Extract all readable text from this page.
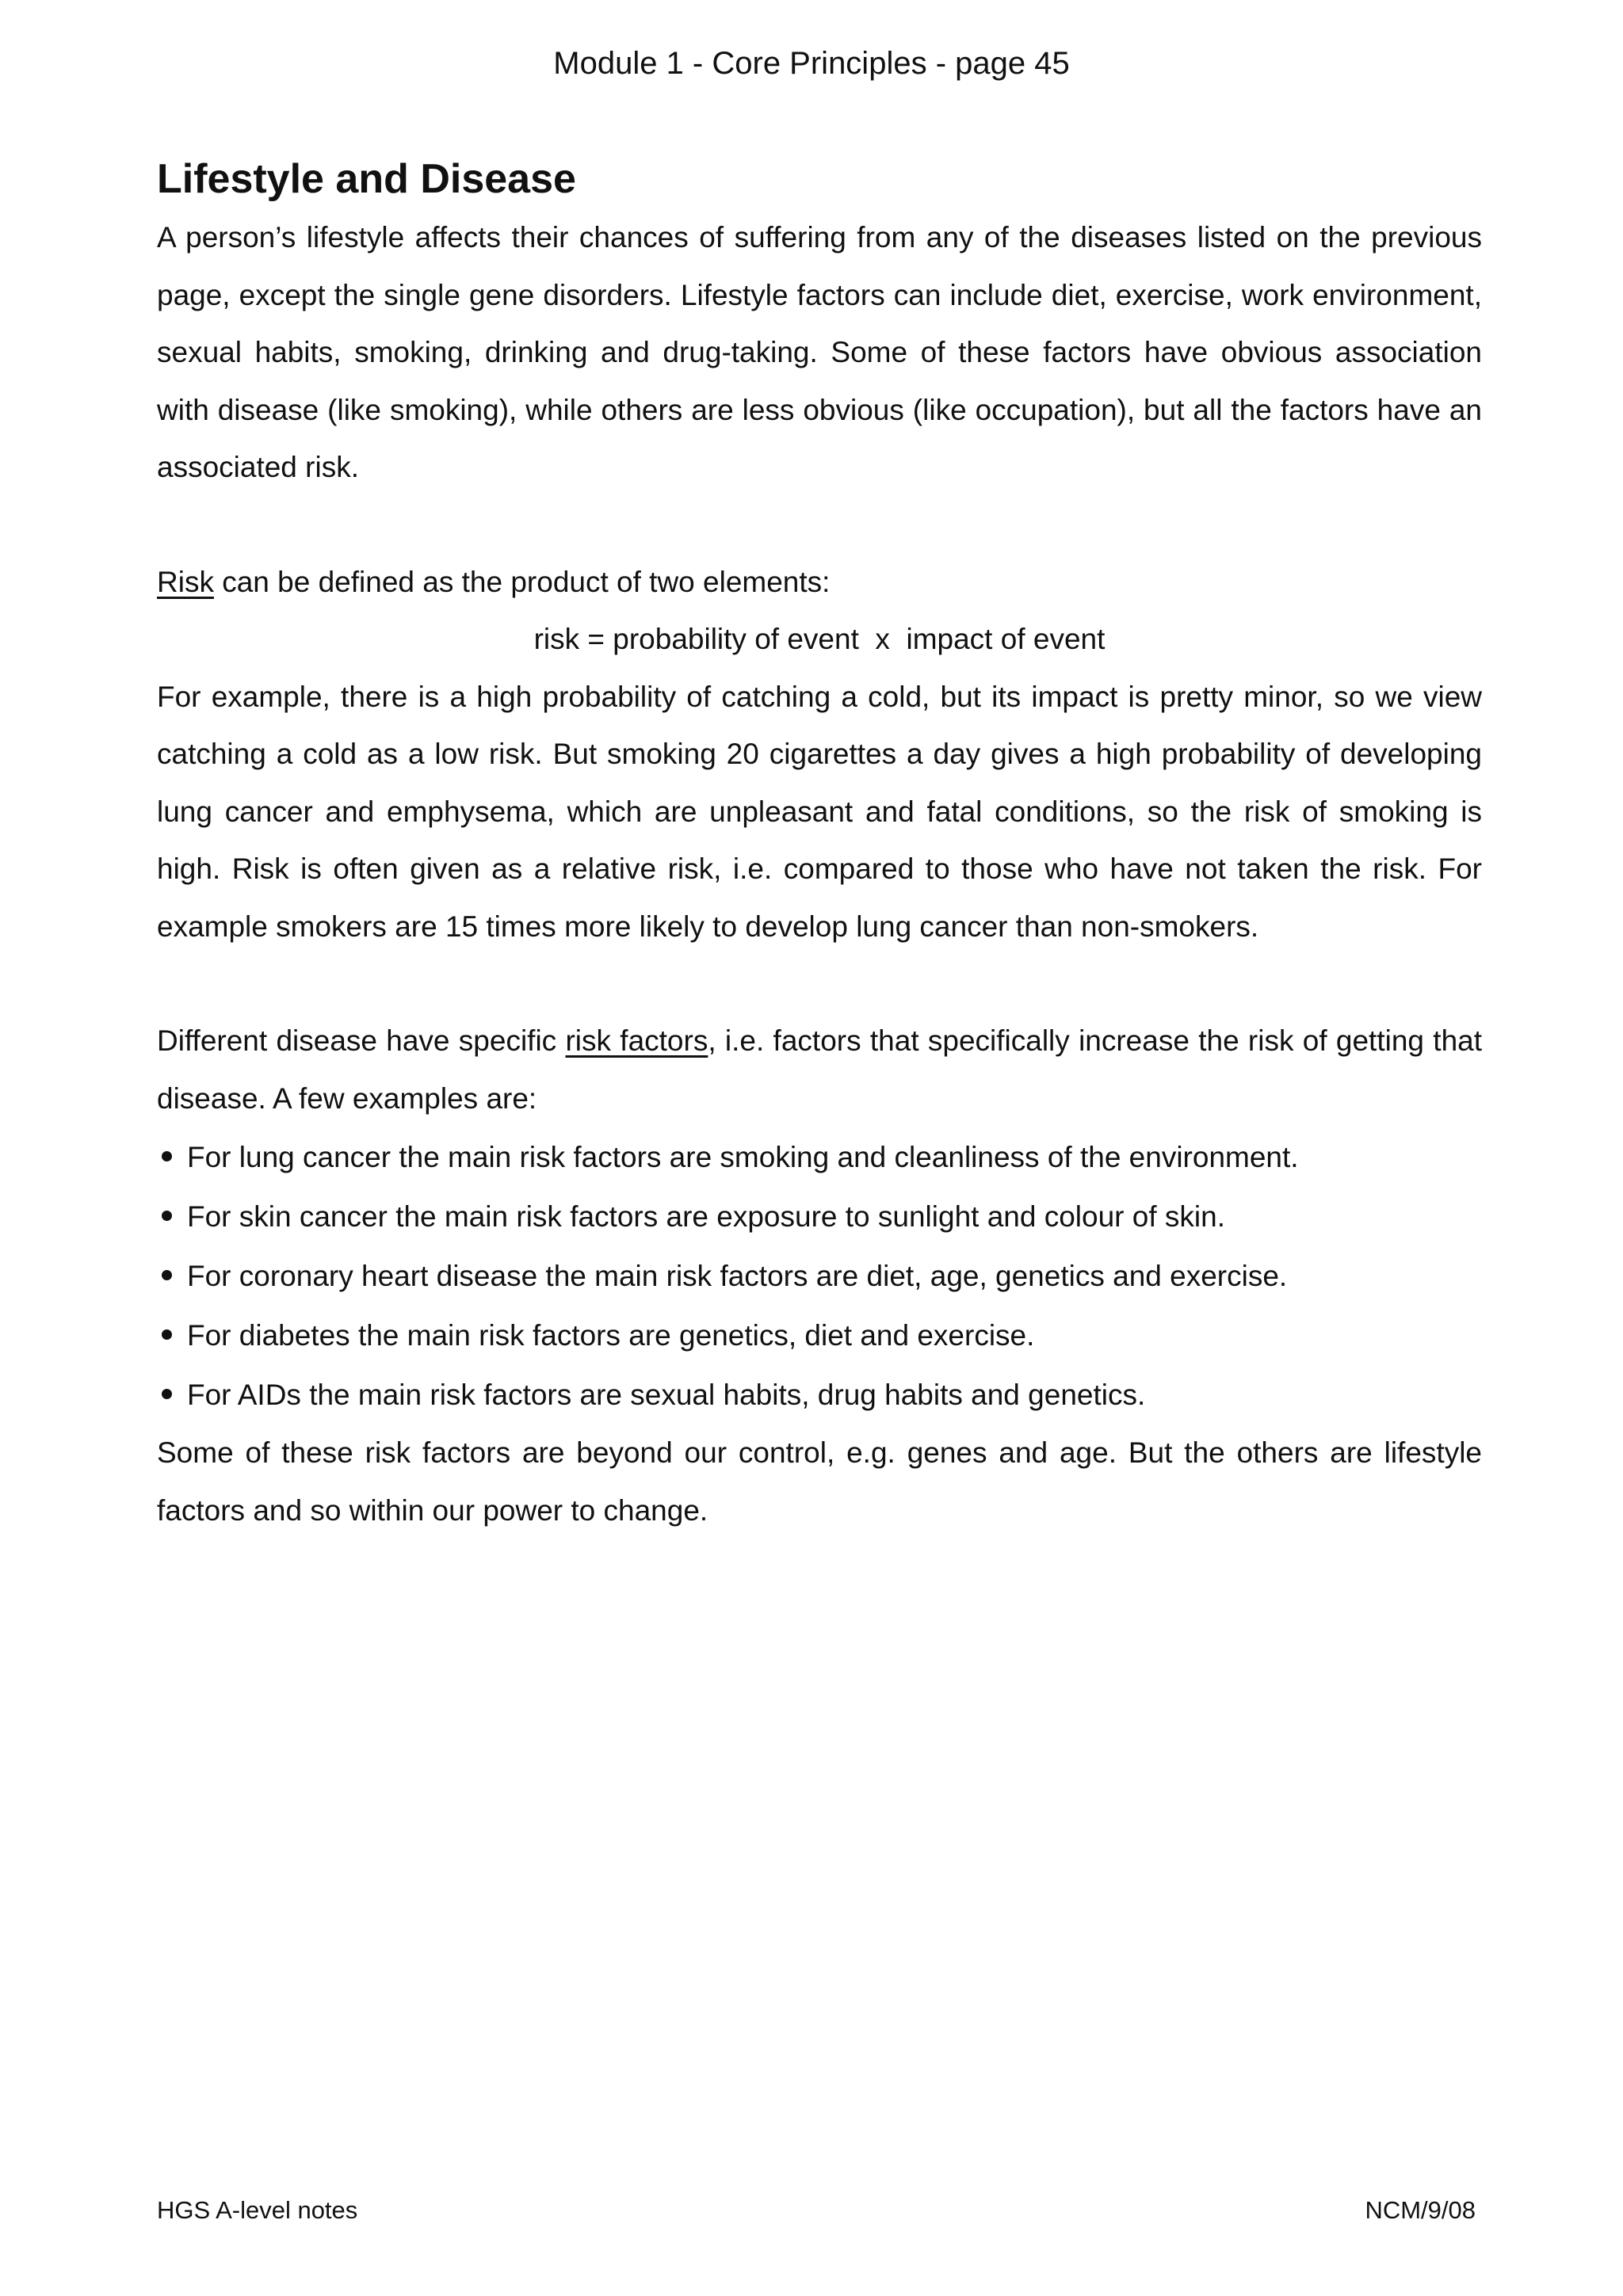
Module 1 - Core Principles - page 45
Lifestyle and Disease

A person’s lifestyle affects their chances of suffering from any of the diseases listed on the previous page, except the single gene disorders. Lifestyle factors can include diet, exercise, work environment, sexual habits, smoking, drinking and drug-taking. Some of these factors have obvious association with disease (like smoking), while others are less obvious (like occupation), but all the factors have an associated risk.

Risk can be defined as the product of two elements:

risk = probability of event  x  impact of event

For example, there is a high probability of catching a cold, but its impact is pretty minor, so we view catching a cold as a low risk. But smoking 20 cigarettes a day gives a high probability of developing lung cancer and emphysema, which are unpleasant and fatal conditions, so the risk of smoking is high. Risk is often given as a relative risk, i.e. compared to those who have not taken the risk. For example smokers are 15 times more likely to develop lung cancer than non-smokers.

Different disease have specific risk factors, i.e. factors that specifically increase the risk of getting that disease. A few examples are:

For lung cancer the main risk factors are smoking and cleanliness of the environment.
For skin cancer the main risk factors are exposure to sunlight and colour of skin.
For coronary heart disease the main risk factors are diet, age, genetics and exercise.
For diabetes the main risk factors are genetics, diet and exercise.
For AIDs the main risk factors are sexual habits, drug habits and genetics.

Some of these risk factors are beyond our control, e.g. genes and age. But the others are lifestyle factors and so within our power to change.

HGS A-level notes	NCM/9/08
